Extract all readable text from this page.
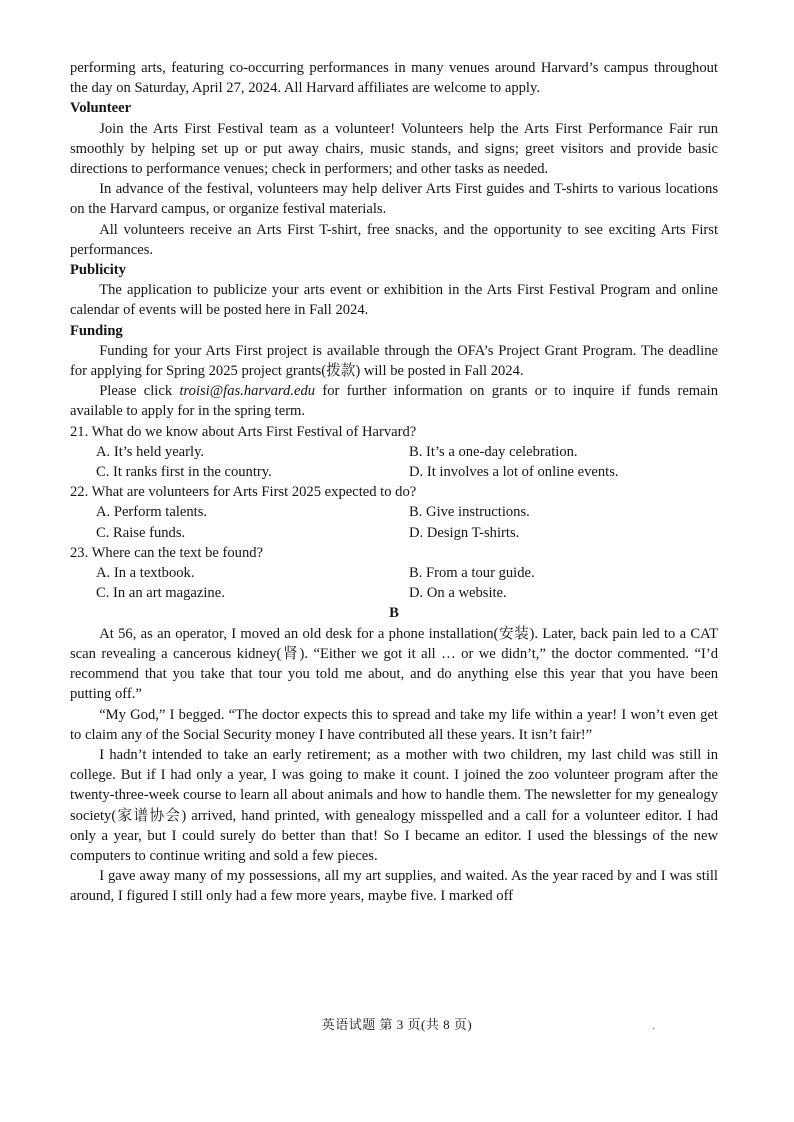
performing arts, featuring co-occurring performances in many venues around Harvard’s campus throughout the day on Saturday, April 27, 2024. All Harvard affiliates are welcome to apply.

Volunteer

Join the Arts First Festival team as a volunteer! Volunteers help the Arts First Performance Fair run smoothly by helping set up or put away chairs, music stands, and signs; greet visitors and provide basic directions to performance venues; check in performers; and other tasks as needed.

In advance of the festival, volunteers may help deliver Arts First guides and T-shirts to various locations on the Harvard campus, or organize festival materials.

All volunteers receive an Arts First T-shirt, free snacks, and the opportunity to see exciting Arts First performances.

Publicity

The application to publicize your arts event or exhibition in the Arts First Festival Program and online calendar of events will be posted here in Fall 2024.

Funding

Funding for your Arts First project is available through the OFA’s Project Grant Program. The deadline for applying for Spring 2025 project grants(拨款) will be posted in Fall 2024.

Please click troisi@fas.harvard.edu for further information on grants or to inquire if funds remain available to apply for in the spring term.

21. What do we know about Arts First Festival of Harvard?

A. It’s held yearly.	B. It’s a one-day celebration.

C. It ranks first in the country.	D. It involves a lot of online events.

22. What are volunteers for Arts First 2025 expected to do?

A. Perform talents.	B. Give instructions.

C. Raise funds.	D. Design T-shirts.

23. Where can the text be found?

A. In a textbook.	B. From a tour guide.

C. In an art magazine.	D. On a website.

B

At 56, as an operator, I moved an old desk for a phone installation(安装). Later, back pain led to a CAT scan revealing a cancerous kidney(肾). “Either we got it all … or we didn’t,” the doctor commented. “I’d recommend that you take that tour you told me about, and do anything else this year that you have been putting off.”

“My God,” I begged. “The doctor expects this to spread and take my life within a year! I won’t even get to claim any of the Social Security money I have contributed all these years. It isn’t fair!”

I hadn’t intended to take an early retirement; as a mother with two children, my last child was still in college. But if I had only a year, I was going to make it count. I joined the zoo volunteer program after the twenty-three-week course to learn all about animals and how to handle them. The newsletter for my genealogy society(家谱协会) arrived, hand printed, with genealogy misspelled and a call for a volunteer editor. I had only a year, but I could surely do better than that! So I became an editor. I used the blessings of the new computers to continue writing and sold a few pieces.

I gave away many of my possessions, all my art supplies, and waited. As the year raced by and I was still around, I figured I still only had a few more years, maybe five. I marked off

英语试题 第 3 页(共 8 页)	·
